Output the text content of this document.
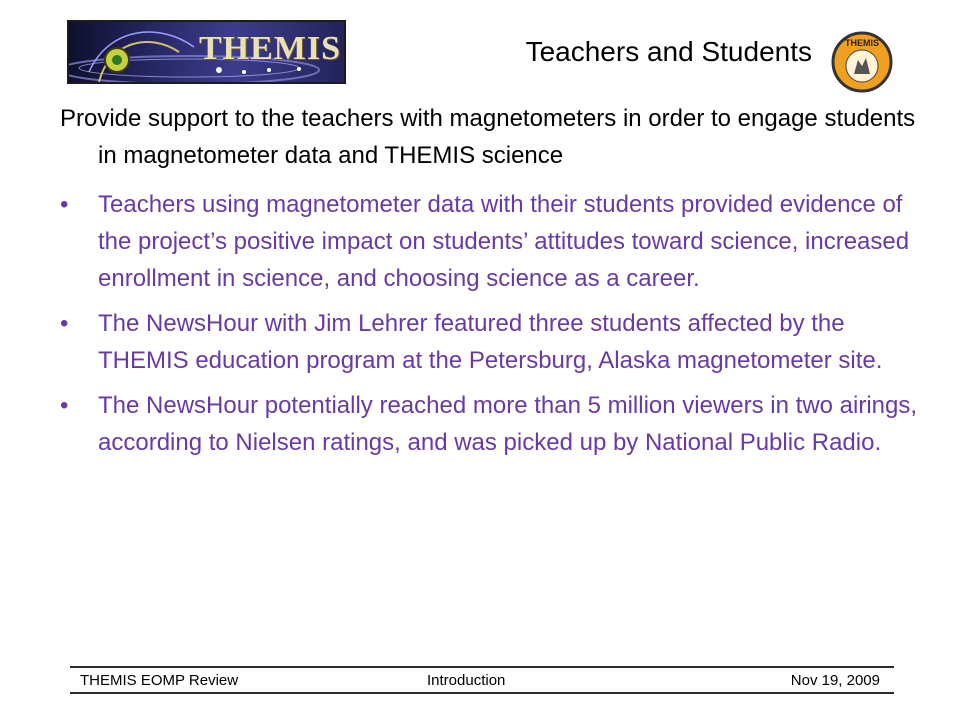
THEMIS	Teachers and Students	THEMIS
Provide support to the teachers with magnetometers in order to engage students in magnetometer data and THEMIS science
• Teachers using magnetometer data with their students provided evidence of the project’s positive impact on students’ attitudes toward science, increased enrollment in science, and choosing science as a career.
• The NewsHour with Jim Lehrer featured three students affected by the THEMIS education program at the Petersburg, Alaska magnetometer site.
• The NewsHour potentially reached more than 5 million viewers in two airings, according to Nielsen ratings, and was picked up by National Public Radio.
THEMIS EOMP Review	Introduction	Nov 19, 2009
